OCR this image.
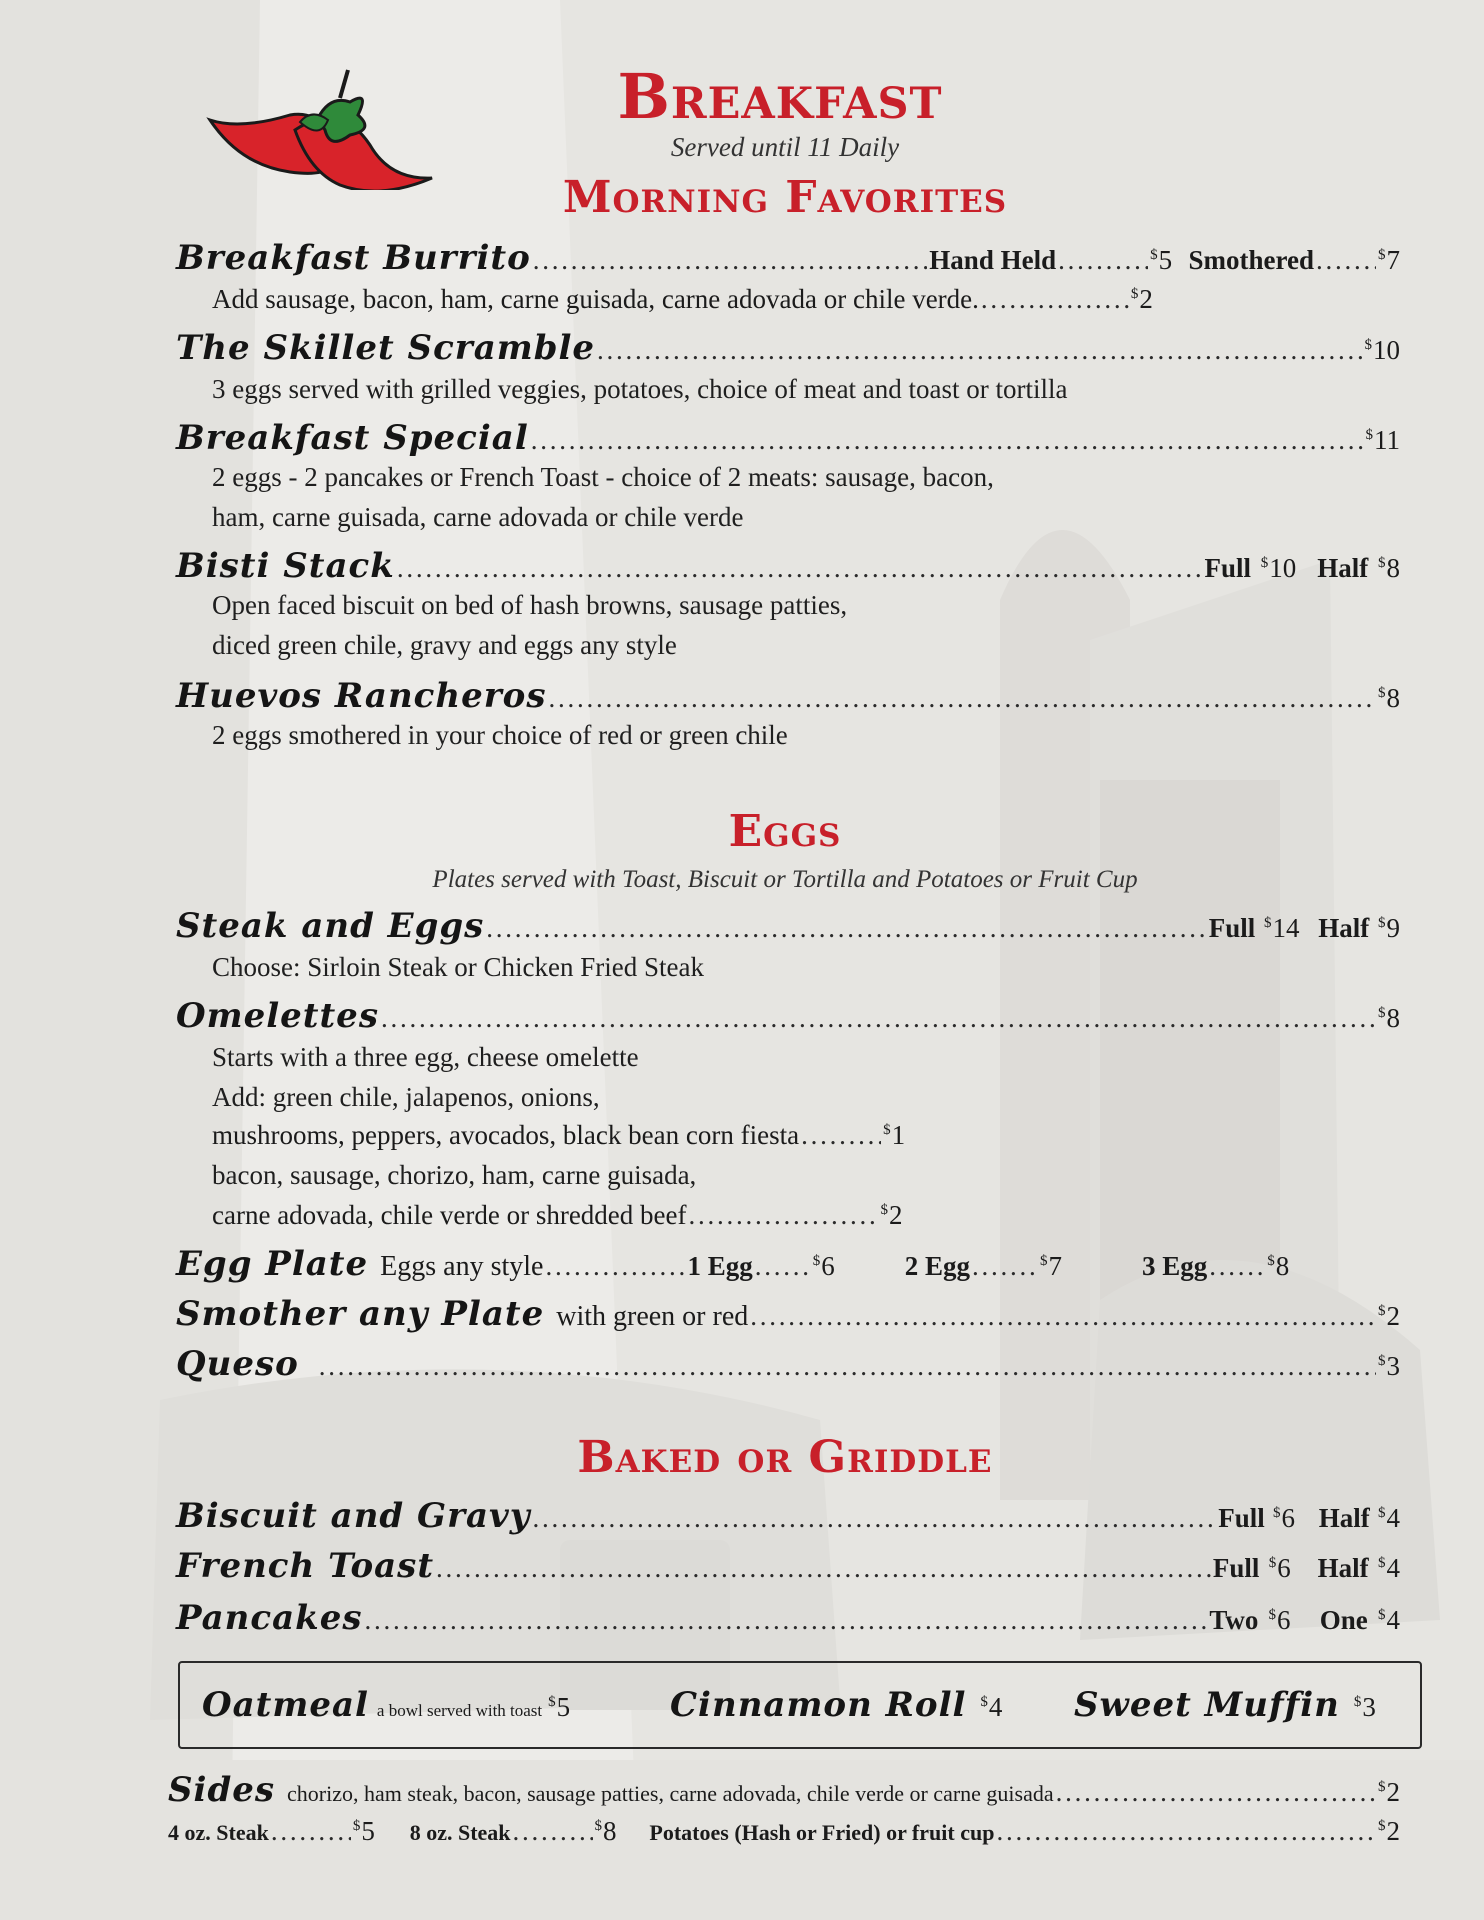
Breakfast
Served until 11 Daily
Morning Favorites
Breakfast Burrito . . .	Hand Held . . .	$5 Smothered . . .	$7
Add sausage, bacon, ham, carne guisada, carne adovada or chile verde. . . .	$2
The Skillet Scramble . . .	$10
3 eggs served with grilled veggies, potatoes, choice of meat and toast or tortilla
Breakfast Special . . .	$11
2 eggs - 2 pancakes or French Toast - choice of 2 meats: sausage, bacon,
ham, carne guisada, carne adovada or chile verde
Bisti Stack . . .	Full $10 Half $8
Open faced biscuit on bed of hash browns, sausage patties,
diced green chile, gravy and eggs any style
Huevos Rancheros . . .	$8
2 eggs smothered in your choice of red or green chile
Eggs
Plates served with Toast, Biscuit or Tortilla and Potatoes or Fruit Cup
Steak and Eggs . . .	Full $14 Half $9
Choose: Sirloin Steak or Chicken Fried Steak
Omelettes . . .	$8
Starts with a three egg, cheese omelette
Add: green chile, jalapenos, onions,
mushrooms, peppers, avocados, black bean corn fiesta . . .	$1
bacon, sausage, chorizo, ham, carne guisada,
carne adovada, chile verde or shredded beef . . .	$2
Egg Plate Eggs any style . . .	1 Egg . . .	$6	2 Egg . . .	$7	3 Egg . . .	$8
Smother any Plate with green or red . . .	$2
Queso . . .	$3
Baked or Griddle
Biscuit and Gravy . . .	Full $6 Half $4
French Toast . . .	Full $6 Half $4
Pancakes . . .	Two $6 One $4
Oatmeal a bowl served with toast $5	Cinnamon Roll $4 Sweet Muffin $3
Sides chorizo, ham steak, bacon, sausage patties, carne adovada, chile verde or carne guisada . . .	$2
4 oz. Steak . . .	$5 8 oz. Steak . . .	$8 Potatoes (Hash or Fried) or fruit cup . . .	$2
